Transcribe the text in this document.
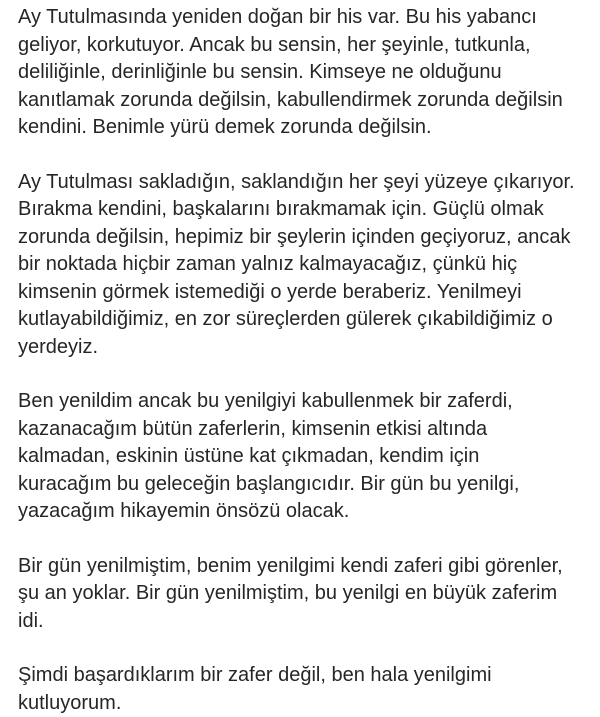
Ay Tutulmasında yeniden doğan bir his var. Bu his yabancı
geliyor, korkutuyor. Ancak bu sensin, her şeyinle, tutkunla,
deliliğinle, derinliğinle bu sensin. Kimseye ne olduğunu
kanıtlamak zorunda değilsin, kabullendirmek zorunda değilsin
kendini. Benimle yürü demek zorunda değilsin.

Ay Tutulması sakladığın, saklandığın her şeyi yüzeye çıkarıyor.
Bırakma kendini, başkalarını bırakmamak için. Güçlü olmak
zorunda değilsin, hepimiz bir şeylerin içinden geçiyoruz, ancak
bir noktada hiçbir zaman yalnız kalmayacağız, çünkü hiç
kimsenin görmek istemediği o yerde beraberiz. Yenilmeyi
kutlayabildiğimiz, en zor süreçlerden gülerek çıkabildiğimiz o
yerdeyiz.

Ben yenildim ancak bu yenilgiyi kabullenmek bir zaferdi,
kazanacağım bütün zaferlerin, kimsenin etkisi altında
kalmadan, eskinin üstüne kat çıkmadan, kendim için
kuracağım bu geleceğin başlangıcıdır. Bir gün bu yenilgi,
yazacağım hikayemin önsözü olacak.

Bir gün yenilmiştim, benim yenilgimi kendi zaferi gibi görenler,
şu an yoklar. Bir gün yenilmiştim, bu yenilgi en büyük zaferim
idi.

Şimdi başardıklarım bir zafer değil, ben hala yenilgimi
kutluyorum.
